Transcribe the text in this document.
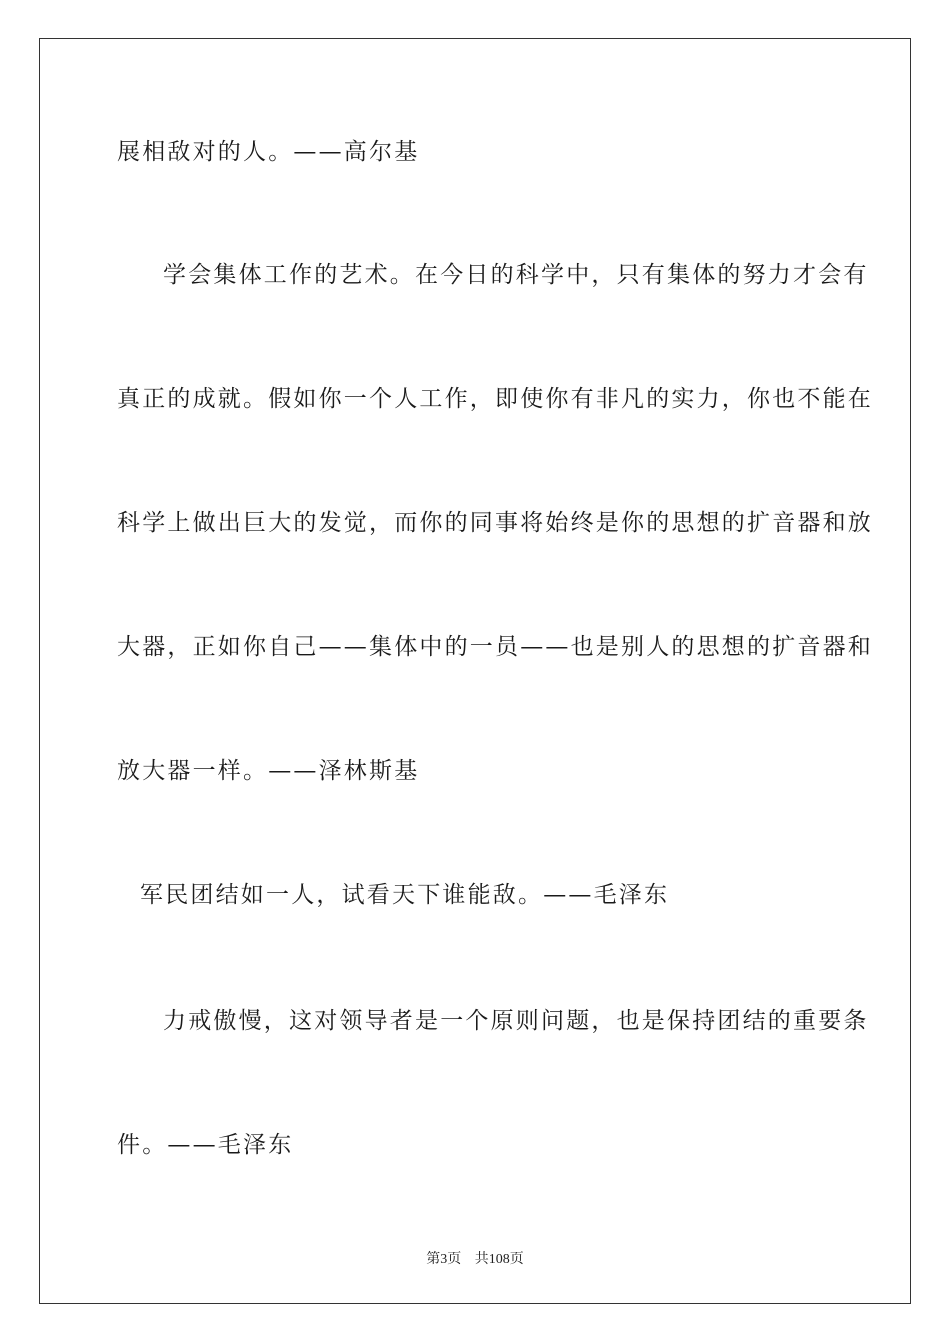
展相敌对的人。——高尔基
学会集体工作的艺术。在今日的科学中，只有集体的努力才会有
真正的成就。假如你一个人工作，即使你有非凡的实力，你也不能在
科学上做出巨大的发觉，而你的同事将始终是你的思想的扩音器和放
大器，正如你自己——集体中的一员——也是别人的思想的扩音器和
放大器一样。——泽林斯基
军民团结如一人，试看天下谁能敌。——毛泽东
力戒傲慢，这对领导者是一个原则问题，也是保持团结的重要条
件。——毛泽东
第3页 共108页
